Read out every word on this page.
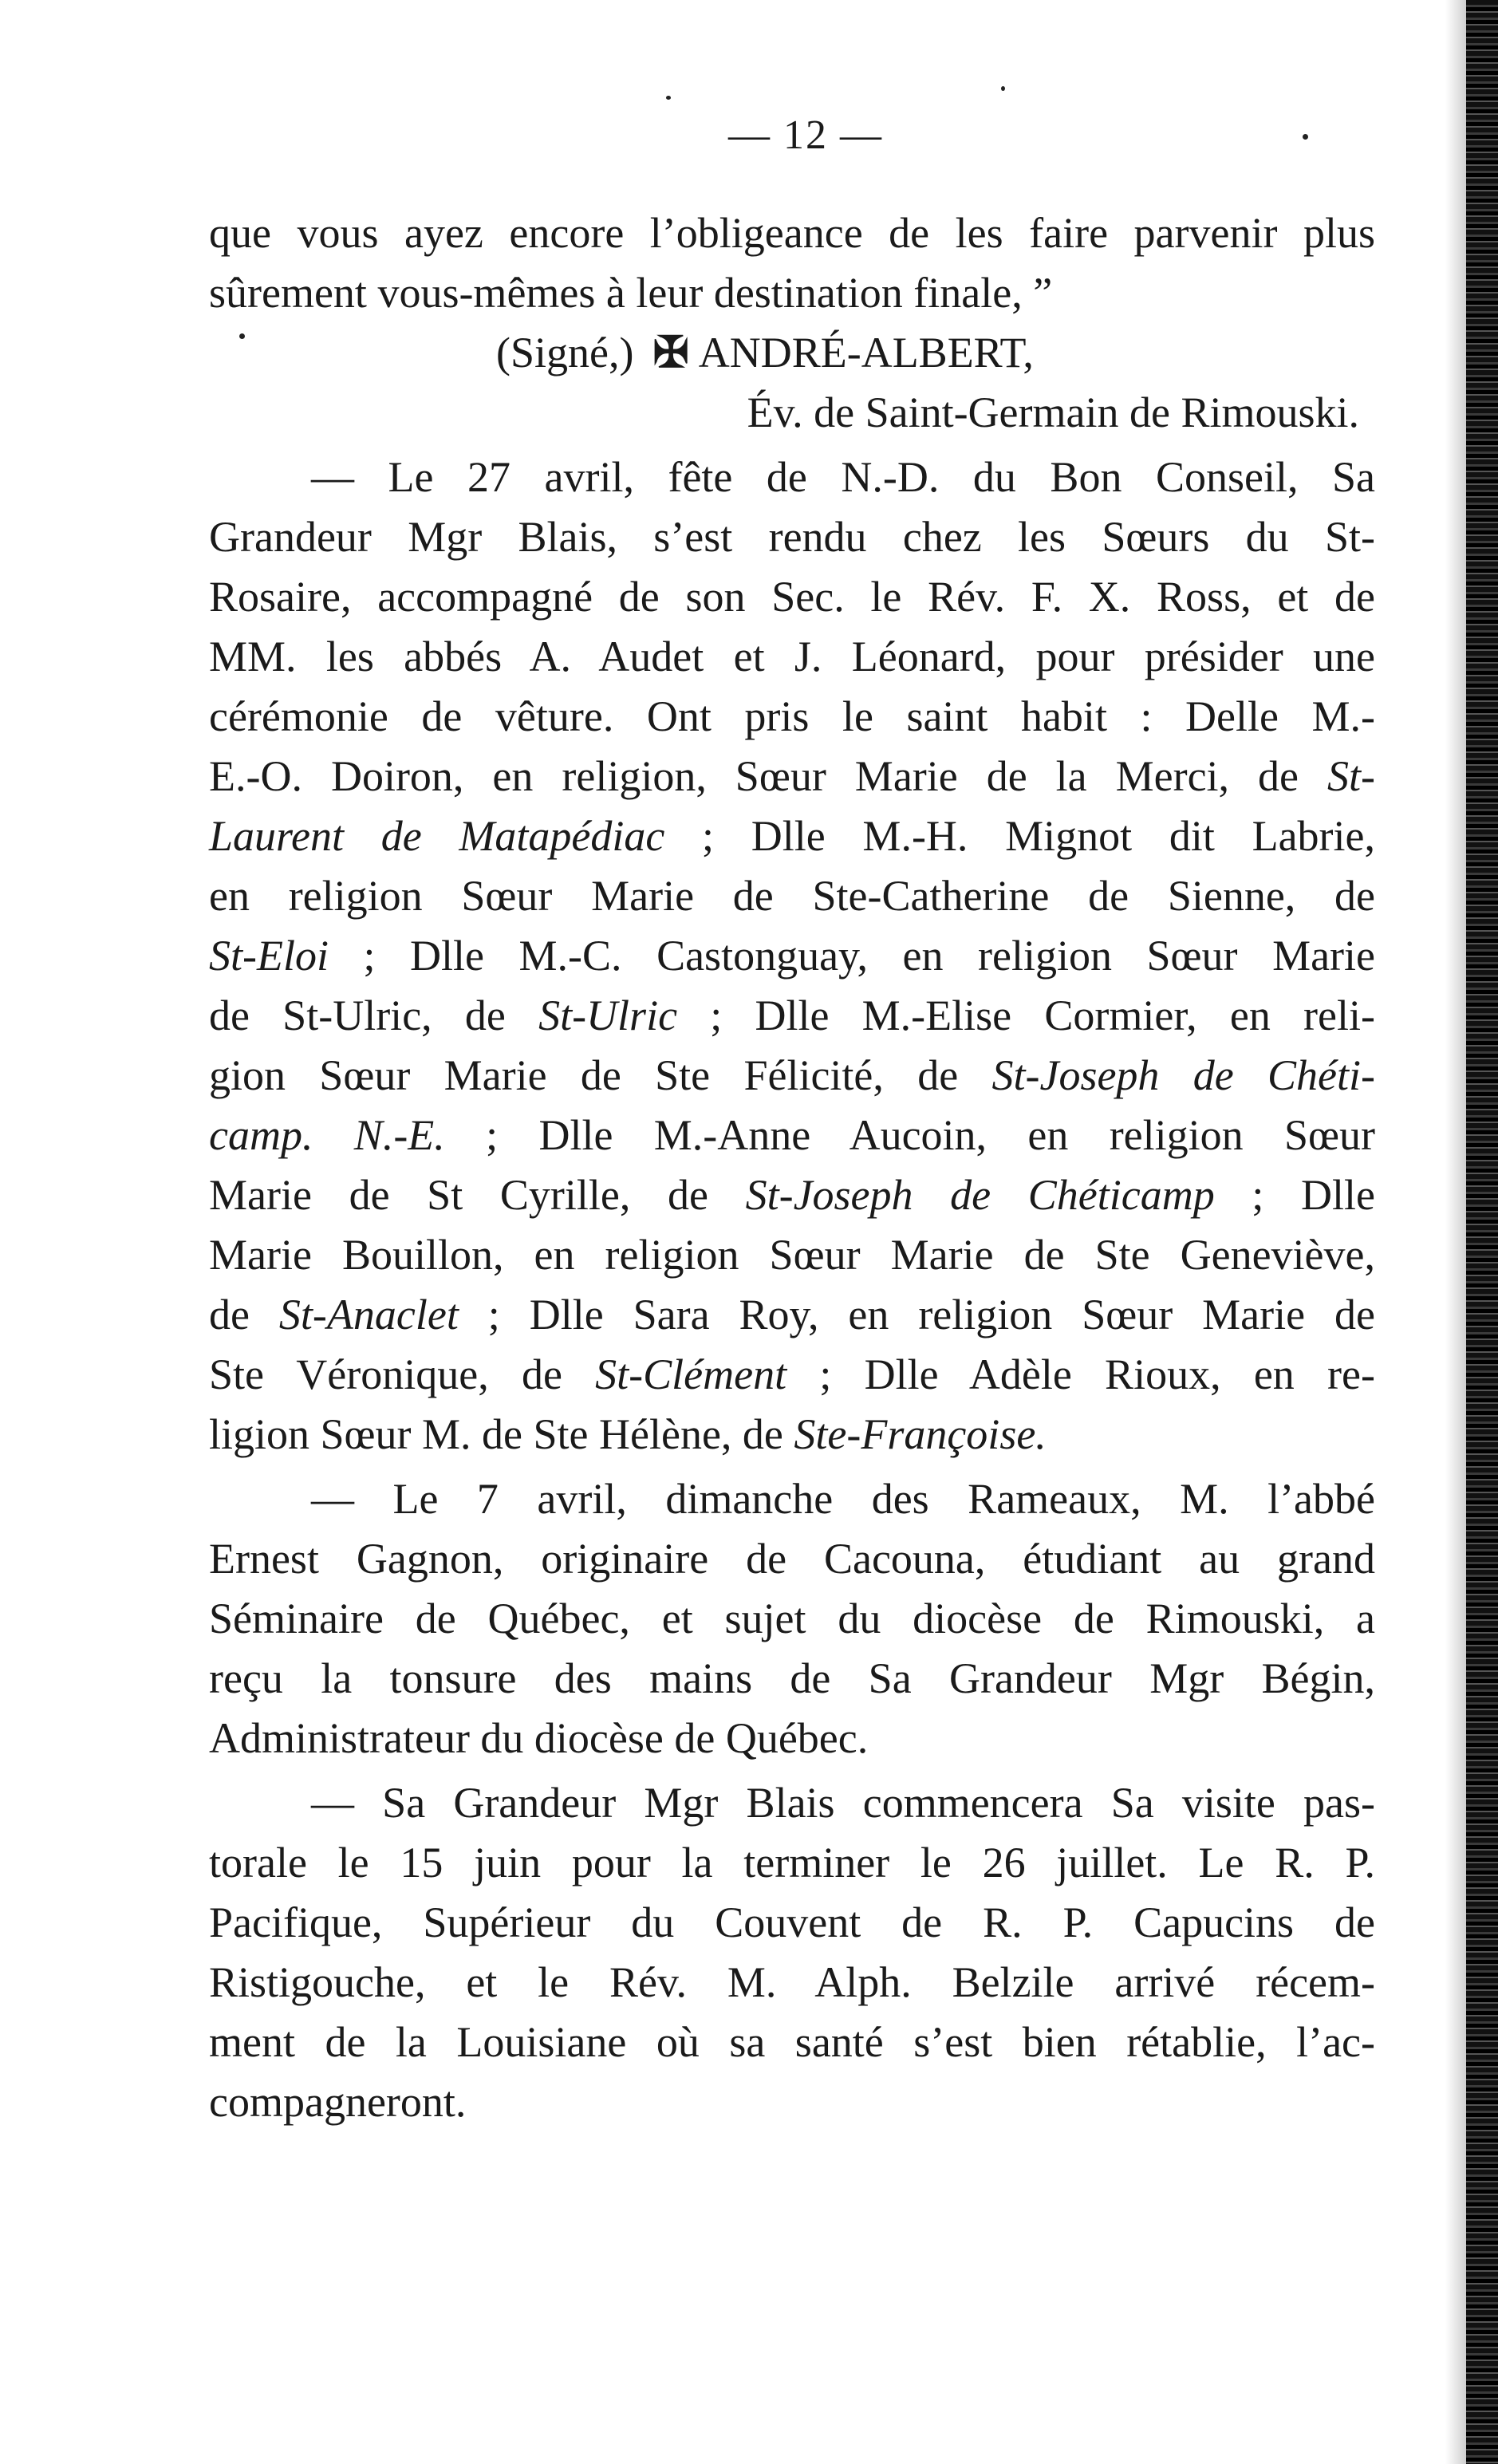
— 12 —
que vous ayez encore l’obligeance de les faire parvenir plus
sûrement vous-mêmes à leur destination finale, ”
(Signé,) ✠ ANDRÉ-ALBERT,
Év. de Saint-Germain de Rimouski.
— Le 27 avril, fête de N.-D. du Bon Conseil, Sa
Grandeur Mgr Blais, s’est rendu chez les Sœurs du St-
Rosaire, accompagné de son Sec. le Rév. F. X. Ross, et de
MM. les abbés A. Audet et J. Léonard, pour présider une
cérémonie de vêture. Ont pris le saint habit : Delle M.-
E.-O. Doiron, en religion, Sœur Marie de la Merci, de St-
Laurent de Matapédiac ; Dlle M.-H. Mignot dit Labrie,
en religion Sœur Marie de Ste-Catherine de Sienne, de
St-Eloi ; Dlle M.-C. Castonguay, en religion Sœur Marie
de St-Ulric, de St-Ulric ; Dlle M.-Elise Cormier, en reli-
gion Sœur Marie de Ste Félicité, de St-Joseph de Chéti-
camp. N.-E. ; Dlle M.-Anne Aucoin, en religion Sœur
Marie de St Cyrille, de St-Joseph de Chéticamp ; Dlle
Marie Bouillon, en religion Sœur Marie de Ste Geneviève,
de St-Anaclet ; Dlle Sara Roy, en religion Sœur Marie de
Ste Véronique, de St-Clément ; Dlle Adèle Rioux, en re-
ligion Sœur M. de Ste Hélène, de Ste-Françoise.
— Le 7 avril, dimanche des Rameaux, M. l’abbé
Ernest Gagnon, originaire de Cacouna, étudiant au grand
Séminaire de Québec, et sujet du diocèse de Rimouski, a
reçu la tonsure des mains de Sa Grandeur Mgr Bégin,
Administrateur du diocèse de Québec.
— Sa Grandeur Mgr Blais commencera Sa visite pas-
torale le 15 juin pour la terminer le 26 juillet. Le R. P.
Pacifique, Supérieur du Couvent de R. P. Capucins de
Ristigouche, et le Rév. M. Alph. Belzile arrivé récem-
ment de la Louisiane où sa santé s’est bien rétablie, l’ac-
compagneront.
